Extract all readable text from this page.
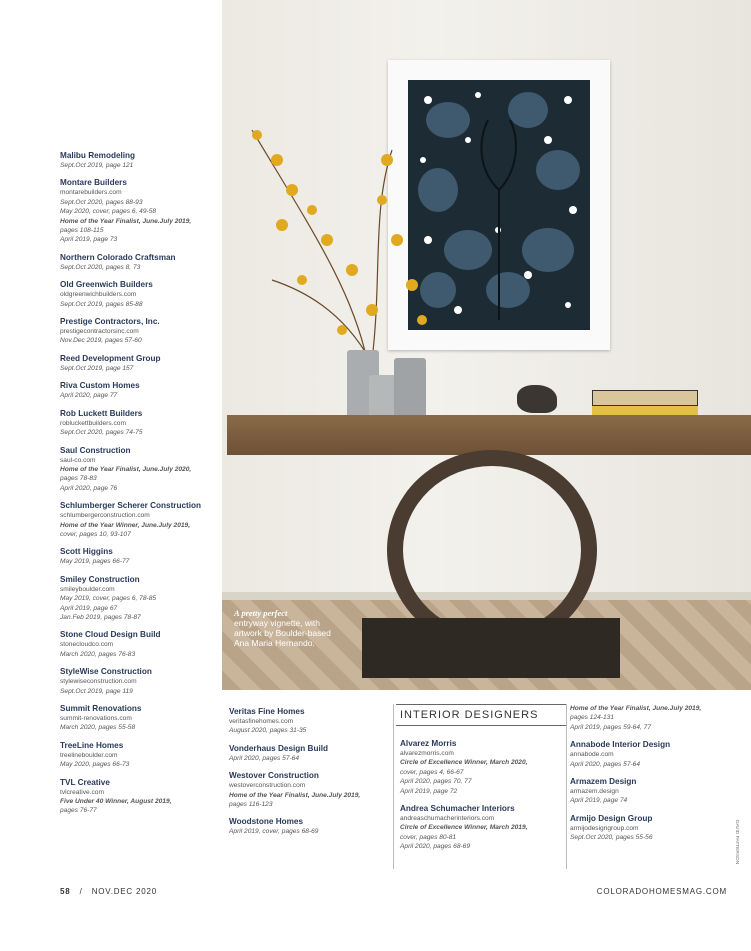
Malibu Remodeling
Sept.Oct 2019, page 121
Montare Builders
montarebuilders.com
Sept.Oct 2020, pages 88-93
May 2020, cover, pages 6, 49-58
Home of the Year Finalist, June.July 2019,
pages 108-115
April 2019, page 73
Northern Colorado Craftsman
Sept.Oct 2020, pages 8, 73
Old Greenwich Builders
oldgreenwichbuilders.com
Sept.Oct 2019, pages 85-88
Prestige Contractors, Inc.
prestigecontractorsinc.com
Nov.Dec 2019, pages 57-60
Reed Development Group
Sept.Oct 2019, page 157
Riva Custom Homes
April 2020, page 77
Rob Luckett Builders
robluckettbuilders.com
Sept.Oct 2020, pages 74-75
Saul Construction
saul-co.com
Home of the Year Finalist, June.July 2020,
pages 78-83
April 2020, page 76
Schlumberger Scherer Construction
schlumbergerconstruction.com
Home of the Year Winner, June.July 2019,
cover, pages 10, 93-107
Scott Higgins
May 2019, pages 66-77
Smiley Construction
smileyboulder.com
May 2019, cover, pages 6, 78-85
April 2019, page 67
Jan.Feb 2019, pages 78-87
Stone Cloud Design Build
stonecloudco.com
March 2020, pages 76-83
StyleWise Construction
stylewiseconstruction.com
Sept.Oct 2019, page 119
Summit Renovations
summit-renovations.com
March 2020, pages 55-58
TreeLine Homes
treelineboulder.com
May 2020, pages 66-73
TVL Creative
tvlcreative.com
Five Under 40 Winner, August 2019,
pages 76-77
A pretty perfect
entryway vignette, with artwork by Boulder-based Ana Maria Hernando.
DAVID PATTERSON
Veritas Fine Homes
veritasfinehomes.com
August 2020, pages 31-35
Vonderhaus Design Build
April 2020, pages 57-64
Westover Construction
westoverconstruction.com
Home of the Year Finalist, June.July 2019,
pages 116-123
Woodstone Homes
April 2019, cover, pages 68-69
INTERIOR DESIGNERS
Alvarez Morris
alvarezmorris.com
Circle of Excellence Winner, March 2020,
cover, pages 4, 66-67
April 2020, pages 70, 77
April 2019, page 72
Andrea Schumacher Interiors
andreaschumacherinteriors.com
Circle of Excellence Winner, March 2019,
cover, pages 80-81
April 2020, pages 68-69
Home of the Year Finalist, June.July 2019,
pages 124-131
April 2019, pages 59-64, 77
Annabode Interior Design
annabode.com
April 2020, pages 57-64
Armazem Design
armazem.design
April 2019, page 74
Armijo Design Group
armijodesigngroup.com
Sept.Oct 2020, pages 55-56
58 / NOV.DEC 2020	COLORADOHOMESMAG.COM
